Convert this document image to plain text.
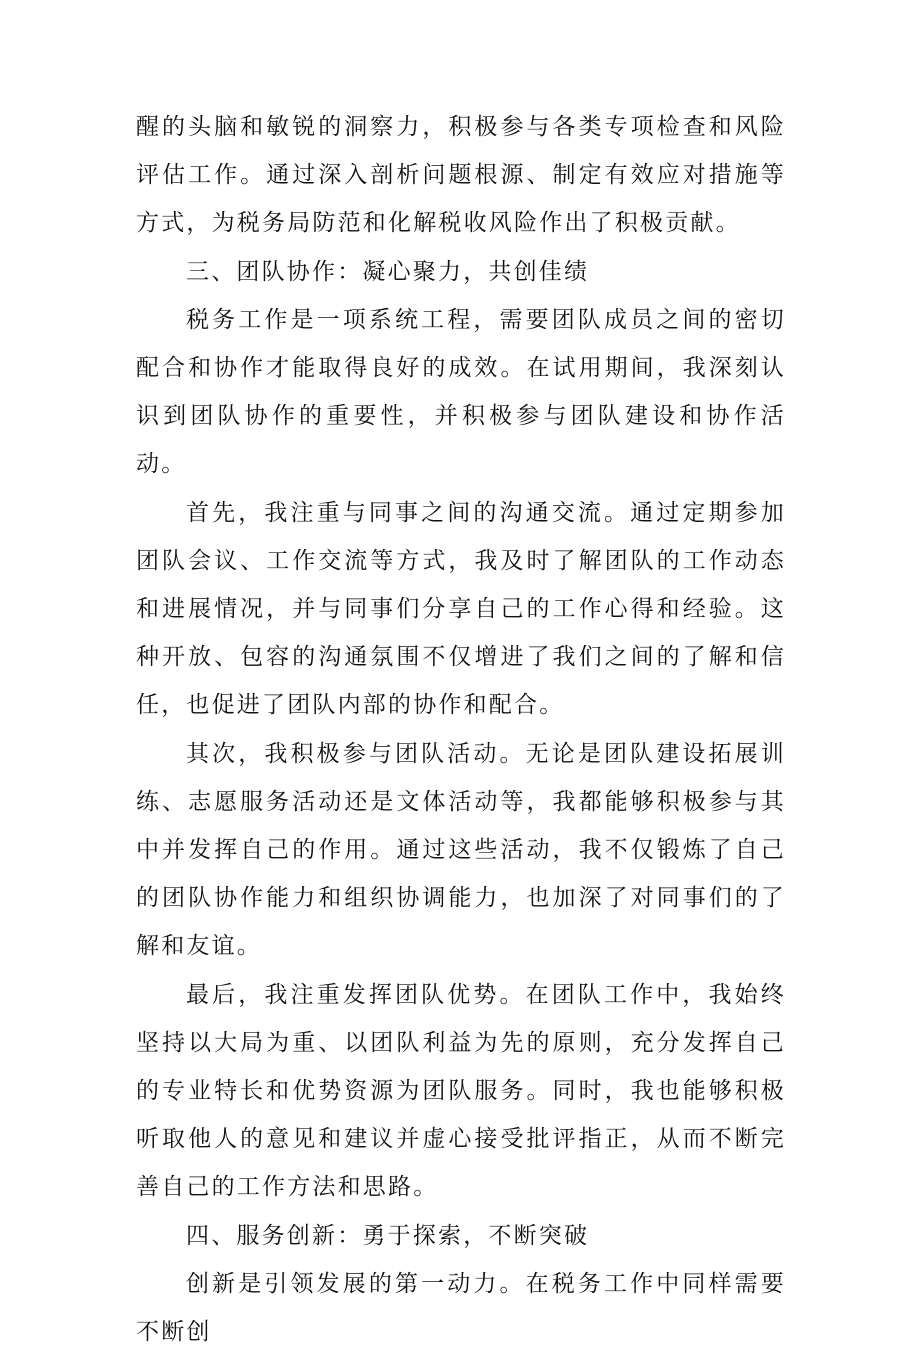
醒的头脑和敏锐的洞察力，积极参与各类专项检查和风险评估工作。通过深入剖析问题根源、制定有效应对措施等方式，为税务局防范和化解税收风险作出了积极贡献。

三、团队协作：凝心聚力，共创佳绩

税务工作是一项系统工程，需要团队成员之间的密切配合和协作才能取得良好的成效。在试用期间，我深刻认识到团队协作的重要性，并积极参与团队建设和协作活动。

首先，我注重与同事之间的沟通交流。通过定期参加团队会议、工作交流等方式，我及时了解团队的工作动态和进展情况，并与同事们分享自己的工作心得和经验。这种开放、包容的沟通氛围不仅增进了我们之间的了解和信任，也促进了团队内部的协作和配合。

其次，我积极参与团队活动。无论是团队建设拓展训练、志愿服务活动还是文体活动等，我都能够积极参与其中并发挥自己的作用。通过这些活动，我不仅锻炼了自己的团队协作能力和组织协调能力，也加深了对同事们的了解和友谊。

最后，我注重发挥团队优势。在团队工作中，我始终坚持以大局为重、以团队利益为先的原则，充分发挥自己的专业特长和优势资源为团队服务。同时，我也能够积极听取他人的意见和建议并虚心接受批评指正，从而不断完善自己的工作方法和思路。

四、服务创新：勇于探索，不断突破

创新是引领发展的第一动力。在税务工作中同样需要不断创
